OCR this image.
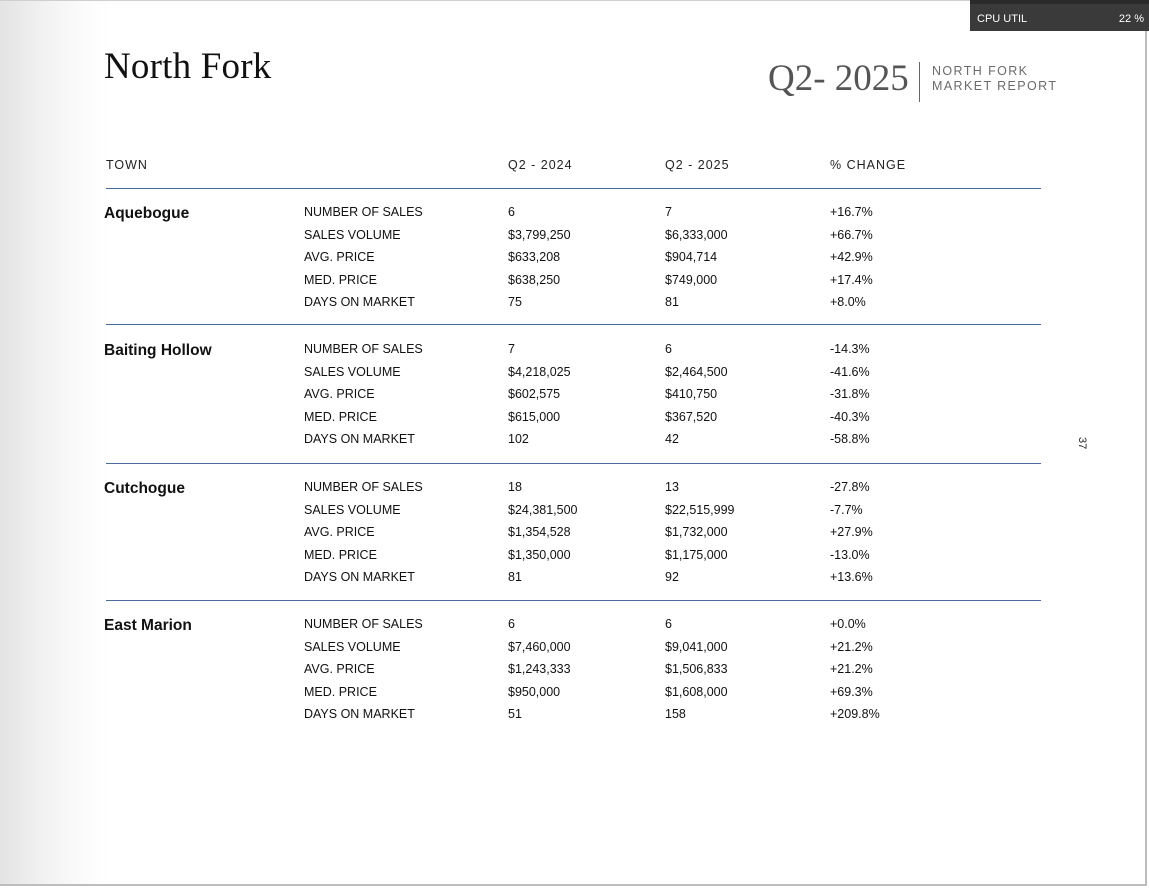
North Fork	Q2- 2025 NORTH FORK
MARKET REPORT
TOWN	Q2 - 2024	Q2 - 2025	% CHANGE
Aquebogue	NUMBER OF SALES	6	7	+16.7%
SALES VOLUME	$3,799,250	$6,333,000	+66.7%
AVG. PRICE	$633,208	$904,714	+42.9%
MED. PRICE	$638,250	$749,000	+17.4%
DAYS ON MARKET	75	81	+8.0%
Baiting Hollow	NUMBER OF SALES	7	6	-14.3%
SALES VOLUME	$4,218,025	$2,464,500	-41.6%
AVG. PRICE	$602,575	$410,750	-31.8%
MED. PRICE	$615,000	$367,520	-40.3%
DAYS ON MARKET	102	42	-58.8%
Cutchogue	NUMBER OF SALES	18	13	-27.8%
SALES VOLUME	$24,381,500	$22,515,999	-7.7%
AVG. PRICE	$1,354,528	$1,732,000	+27.9%
MED. PRICE	$1,350,000	$1,175,000	-13.0%
DAYS ON MARKET	81	92	+13.6%
East Marion	NUMBER OF SALES	6	6	+0.0%
SALES VOLUME	$7,460,000	$9,041,000	+21.2%
AVG. PRICE	$1,243,333	$1,506,833	+21.2%
MED. PRICE	$950,000	$1,608,000	+69.3%
DAYS ON MARKET	51	158	+209.8%
37
CPU UTIL	22 %
